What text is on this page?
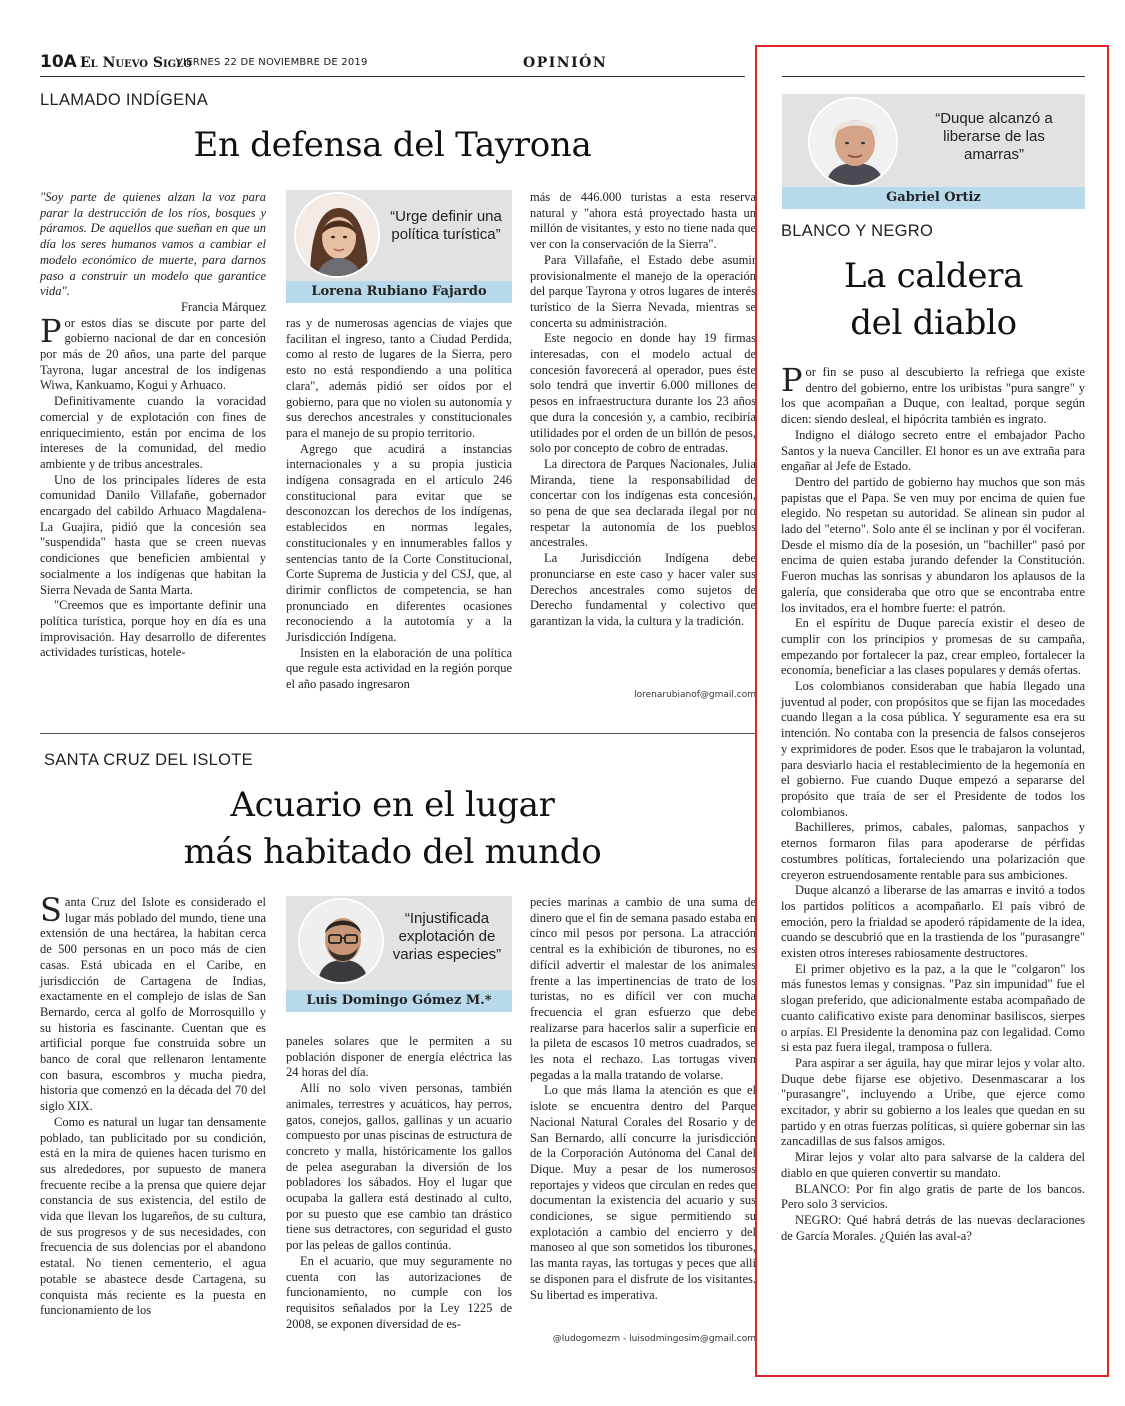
10A El Nuevo Siglo
VIERNES 22 DE NOVIEMBRE DE 2019	OPINIÓN
LLAMADO INDÍGENA
En defensa del Tayrona

"Soy parte de quienes alzan la voz para parar la destrucción de los ríos, bosques y páramos. De aquellos que sueñan en que un día los seres humanos vamos a cambiar el modelo económico de muerte, para darnos paso a construir un modelo que garantice vida".

Francia Márquez

Por estos días se discute por parte del gobierno nacional de dar en concesión por más de 20 años, una parte del parque Tayrona, lugar ancestral de los indígenas Wiwa, Kankuamo, Kogui y Arhuaco.

Definitivamente cuando la voracidad comercial y de explotación con fines de enriquecimiento, están por encima de los intereses de la comunidad, del medio ambiente y de tribus ancestrales.

Uno de los principales líderes de esta comunidad Danilo Villafañe, gobernador encargado del cabildo Arhuaco Magdalena-La Guajira, pidió que la concesión sea "suspendida" hasta que se creen nuevas condiciones que beneficien ambiental y socialmente a los indígenas que habitan la Sierra Nevada de Santa Marta.

"Creemos que es importante definir una política turística, porque hoy en día es una improvisación. Hay desarrollo de diferentes actividades turísticas, hotele-

“Urge definir una política turística”
Lorena Rubiano Fajardo

ras y de numerosas agencias de viajes que facilitan el ingreso, tanto a Ciudad Perdida, como al resto de lugares de la Sierra, pero esto no está respondiendo a una política clara", además pidió ser oídos por el gobierno, para que no violen su autonomía y sus derechos ancestrales y constitucionales para el manejo de su propio territorio.

Agrego que acudirá a instancias internacionales y a su propia justicia indígena consagrada en el artículo 246 constitucional para evitar que se desconozcan los derechos de los indígenas, establecidos en normas legales, constitucionales y en innumerables fallos y sentencias tanto de la Corte Constitucional, Corte Suprema de Justicia y del CSJ, que, al dirimir conflictos de competencia, se han pronunciado en diferentes ocasiones reconociendo a la autotomía y a la Jurisdicción Indígena.

Insisten en la elaboración de una política que regule esta actividad en la región porque el año pasado ingresaron

más de 446.000 turistas a esta reserva natural y "ahora está proyectado hasta un millón de visitantes, y esto no tiene nada que ver con la conservación de la Sierra".

Para Villafañe, el Estado debe asumir provisionalmente el manejo de la operación del parque Tayrona y otros lugares de interés turístico de la Sierra Nevada, mientras se concerta su administración.

Este negocio en donde hay 19 firmas interesadas, con el modelo actual de concesión favorecerá al operador, pues éste solo tendrá que invertir 6.000 millones de pesos en infraestructura durante los 23 años que dura la concesión y, a cambio, recibiría utilidades por el orden de un billón de pesos, solo por concepto de cobro de entradas.

La directora de Parques Nacionales, Julia Miranda, tiene la responsabilidad de concertar con los indígenas esta concesión, so pena de que sea declarada ilegal por no respetar la autonomía de los pueblos ancestrales.

La Jurisdicción Indígena debe pronunciarse en este caso y hacer valer sus Derechos ancestrales como sujetos de Derecho fundamental y colectivo que garantizan la vida, la cultura y la tradición.

lorenarubianof@gmail.com
SANTA CRUZ DEL ISLOTE
Acuario en el lugar
más habitado del mundo

Santa Cruz del Islote es considerado el lugar más poblado del mundo, tiene una extensión de una hectárea, la habitan cerca de 500 personas en un poco más de cien casas. Está ubicada en el Caribe, en jurisdicción de Cartagena de Indias, exactamente en el complejo de islas de San Bernardo, cerca al golfo de Morrosquillo y su historia es fascinante. Cuentan que es artificial porque fue construida sobre un banco de coral que rellenaron lentamente con basura, escombros y mucha piedra, historia que comenzó en la década del 70 del siglo XIX.

Como es natural un lugar tan densamente poblado, tan publicitado por su condición, está en la mira de quienes hacen turismo en sus alrededores, por supuesto de manera frecuente recibe a la prensa que quiere dejar constancia de sus existencia, del estilo de vida que llevan los lugareños, de su cultura, de sus progresos y de sus necesidades, con frecuencia de sus dolencias por el abandono estatal. No tienen cementerio, el agua potable se abastece desde Cartagena, su conquista más reciente es la puesta en funcionamiento de los

“Injustificada explotación de varias especies”
Luis Domingo Gómez M.*

paneles solares que le permiten a su población disponer de energía eléctrica las 24 horas del día.

Allí no solo viven personas, también animales, terrestres y acuáticos, hay perros, gatos, conejos, gallos, gallinas y un acuario compuesto por unas piscinas de estructura de concreto y malla, históricamente los gallos de pelea aseguraban la diversión de los pobladores los sábados. Hoy el lugar que ocupaba la gallera está destinado al culto, por su puesto que ese cambio tan drástico tiene sus detractores, con seguridad el gusto por las peleas de gallos continúa.

En el acuario, que muy seguramente no cuenta con las autorizaciones de funcionamiento, no cumple con los requisitos señalados por la Ley 1225 de 2008, se exponen diversidad de es-

pecies marinas a cambio de una suma de dinero que el fin de semana pasado estaba en cinco mil pesos por persona. La atracción central es la exhibición de tiburones, no es difícil advertir el malestar de los animales frente a las impertinencias de trato de los turistas, no es difícil ver con mucha frecuencia el gran esfuerzo que debe realizarse para hacerlos salir a superficie en la pileta de escasos 10 metros cuadrados, se les nota el rechazo. Las tortugas viven pegadas a la malla tratando de volarse.

Lo que más llama la atención es que el islote se encuentra dentro del Parque Nacional Natural Corales del Rosario y de San Bernardo, allí concurre la jurisdicción de la Corporación Autónoma del Canal del Dique. Muy a pesar de los numerosos reportajes y videos que circulan en redes que documentan la existencia del acuario y sus condiciones, se sigue permitiendo su explotación a cambio del encierro y del manoseo al que son sometidos los tiburones, las manta rayas, las tortugas y peces que allí se disponen para el disfrute de los visitantes. Su libertad es imperativa.

@ludogomezm - luisodmingosim@gmail.com
“Duque alcanzó a liberarse de las amarras”
Gabriel Ortiz
BLANCO Y NEGRO
La caldera
del diablo

Por fin se puso al descubierto la refriega que existe dentro del gobierno, entre los uribistas "pura sangre" y los que acompañan a Duque, con lealtad, porque según dicen: siendo desleal, el hipócrita también es ingrato.

Indigno el diálogo secreto entre el embajador Pacho Santos y la nueva Canciller. El honor es un ave extraña para engañar al Jefe de Estado.

Dentro del partido de gobierno hay muchos que son más papistas que el Papa. Se ven muy por encima de quien fue elegido. No respetan su autoridad. Se alinean sin pudor al lado del "eterno". Solo ante él se inclinan y por él vociferan. Desde el mismo día de la posesión, un "bachiller" pasó por encima de quien estaba jurando defender la Constitución. Fueron muchas las sonrisas y abundaron los aplausos de la galería, que consideraba que otro que se encontraba entre los invitados, era el hombre fuerte: el patrón.

En el espíritu de Duque parecía existir el deseo de cumplir con los principios y promesas de su campaña, empezando por fortalecer la paz, crear empleo, fortalecer la economía, beneficiar a las clases populares y demás ofertas.

Los colombianos consideraban que había llegado una juventud al poder, con propósitos que se fijan las mocedades cuando llegan a la cosa pública. Y seguramente esa era su intención. No contaba con la presencia de falsos consejeros y exprimidores de poder. Esos que le trabajaron la voluntad, para desviarlo hacia el restablecimiento de la hegemonía en el gobierno. Fue cuando Duque empezó a separarse del propósito que traía de ser el Presidente de todos los colombianos.

Bachilleres, primos, cabales, palomas, sanpachos y eternos formaron filas para apoderarse de pérfidas costumbres políticas, fortaleciendo una polarización que creyeron estruendosamente rentable para sus ambiciones.

Duque alcanzó a liberarse de las amarras e invitó a todos los partidos políticos a acompañarlo. El país vibró de emoción, pero la frialdad se apoderó rápidamente de la idea, cuando se descubrió que en la trastienda de los "purasangre" existen otros intereses rabiosamente destructores.

El primer objetivo es la paz, a la que le "colgaron" los más funestos lemas y consignas. "Paz sin impunidad" fue el slogan preferido, que adicionalmente estaba acompañado de cuanto calificativo existe para denominar basiliscos, sierpes o arpías. El Presidente la denomina paz con legalidad. Como si esta paz fuera ilegal, tramposa o fullera.

Para aspirar a ser águila, hay que mirar lejos y volar alto. Duque debe fijarse ese objetivo. Desenmascarar a los "purasangre", incluyendo a Uribe, que ejerce como excitador, y abrir su gobierno a los leales que quedan en su partido y en otras fuerzas políticas, si quiere gobernar sin las zancadillas de sus falsos amigos.

Mirar lejos y volar alto para salvarse de la caldera del diablo en que quieren convertir su mandato.

BLANCO: Por fin algo gratis de parte de los bancos. Pero solo 3 servicios.

NEGRO: Qué habrá detrás de las nuevas declaraciones de García Morales. ¿Quién las aval-a?
